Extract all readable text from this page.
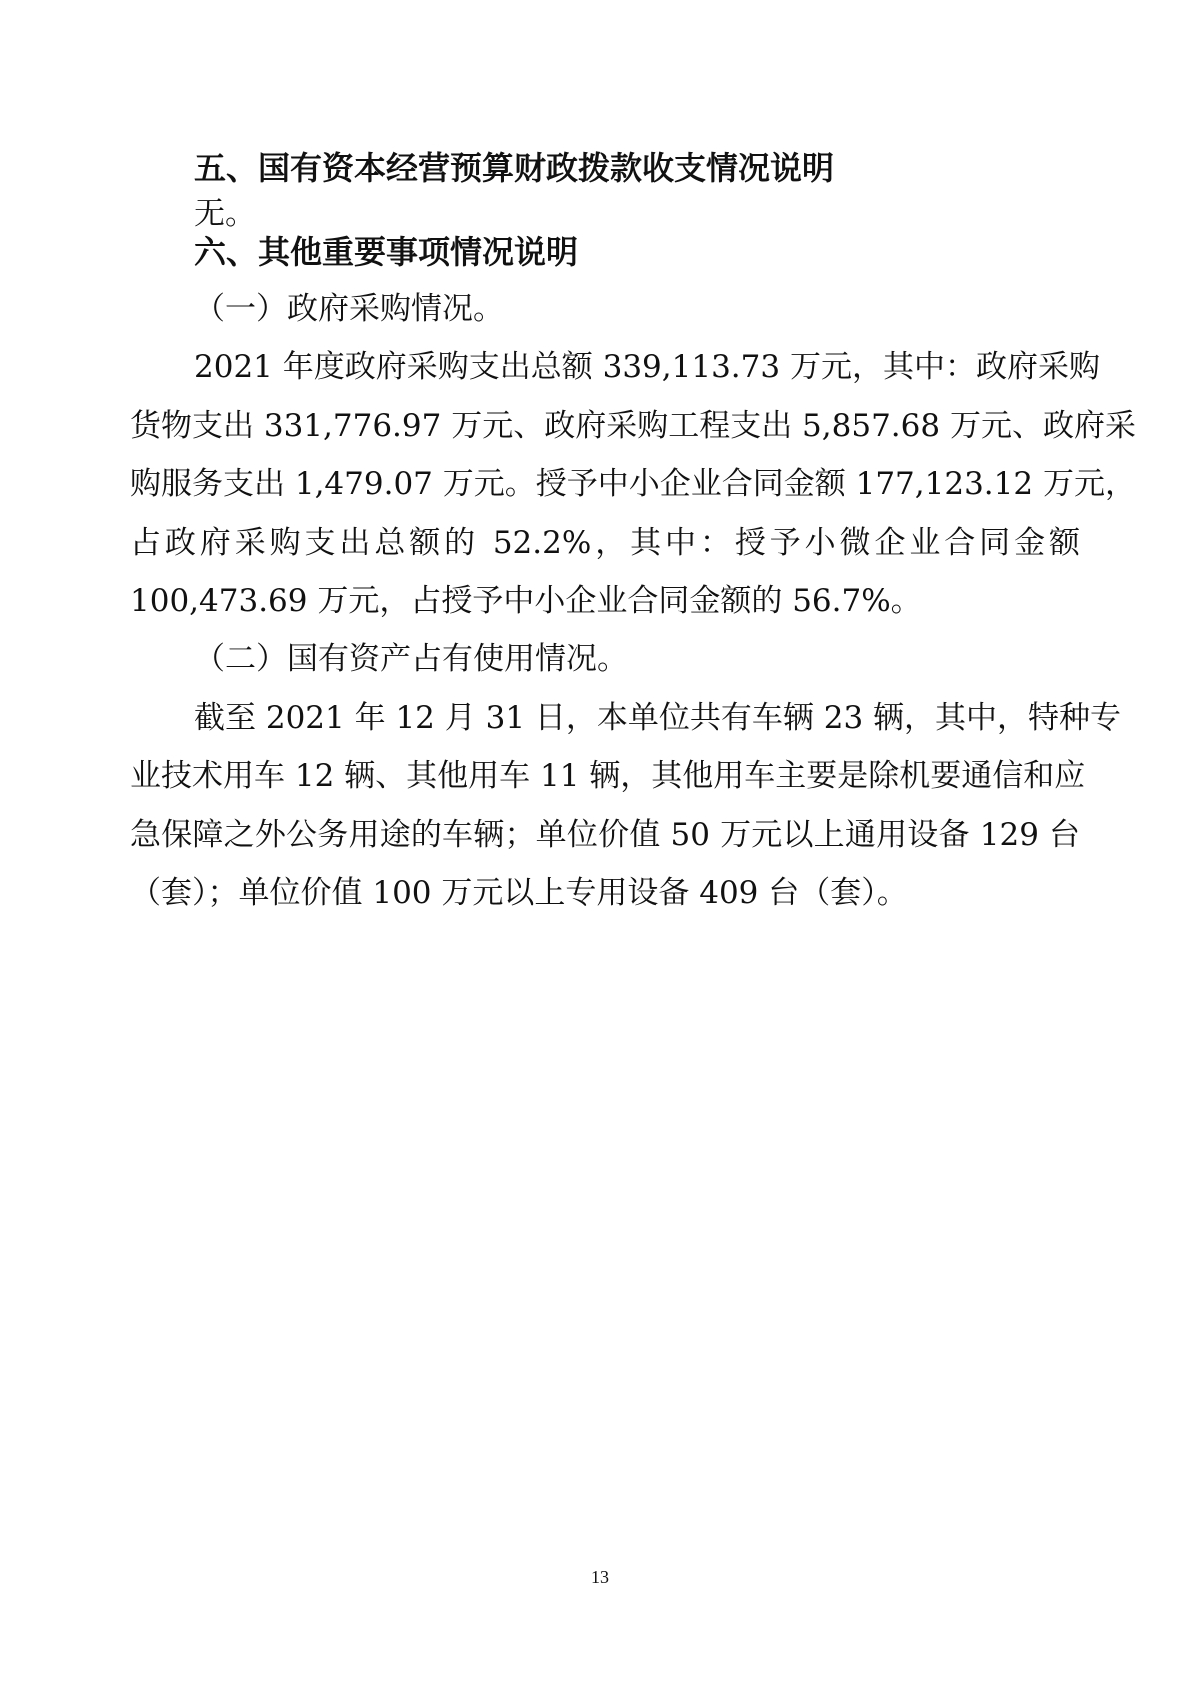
五、国有资本经营预算财政拨款收支情况说明

无。

六、其他重要事项情况说明

（一）政府采购情况。

2021 年度政府采购支出总额 339,113.73 万元，其中：政府采购

货物支出 331,776.97 万元、政府采购工程支出 5,857.68 万元、政府采

购服务支出 1,479.07 万元。授予中小企业合同金额 177,123.12 万元，

占政府采购支出总额的 52.2%，其中：授予小微企业合同金额

100,473.69 万元，占授予中小企业合同金额的 56.7%。

（二）国有资产占有使用情况。

截至 2021 年 12 月 31 日，本单位共有车辆 23 辆，其中，特种专

业技术用车 12 辆、其他用车 11 辆，其他用车主要是除机要通信和应

急保障之外公务用途的车辆；单位价值 50 万元以上通用设备 129 台

（套）；单位价值 100 万元以上专用设备 409 台（套）。

13
